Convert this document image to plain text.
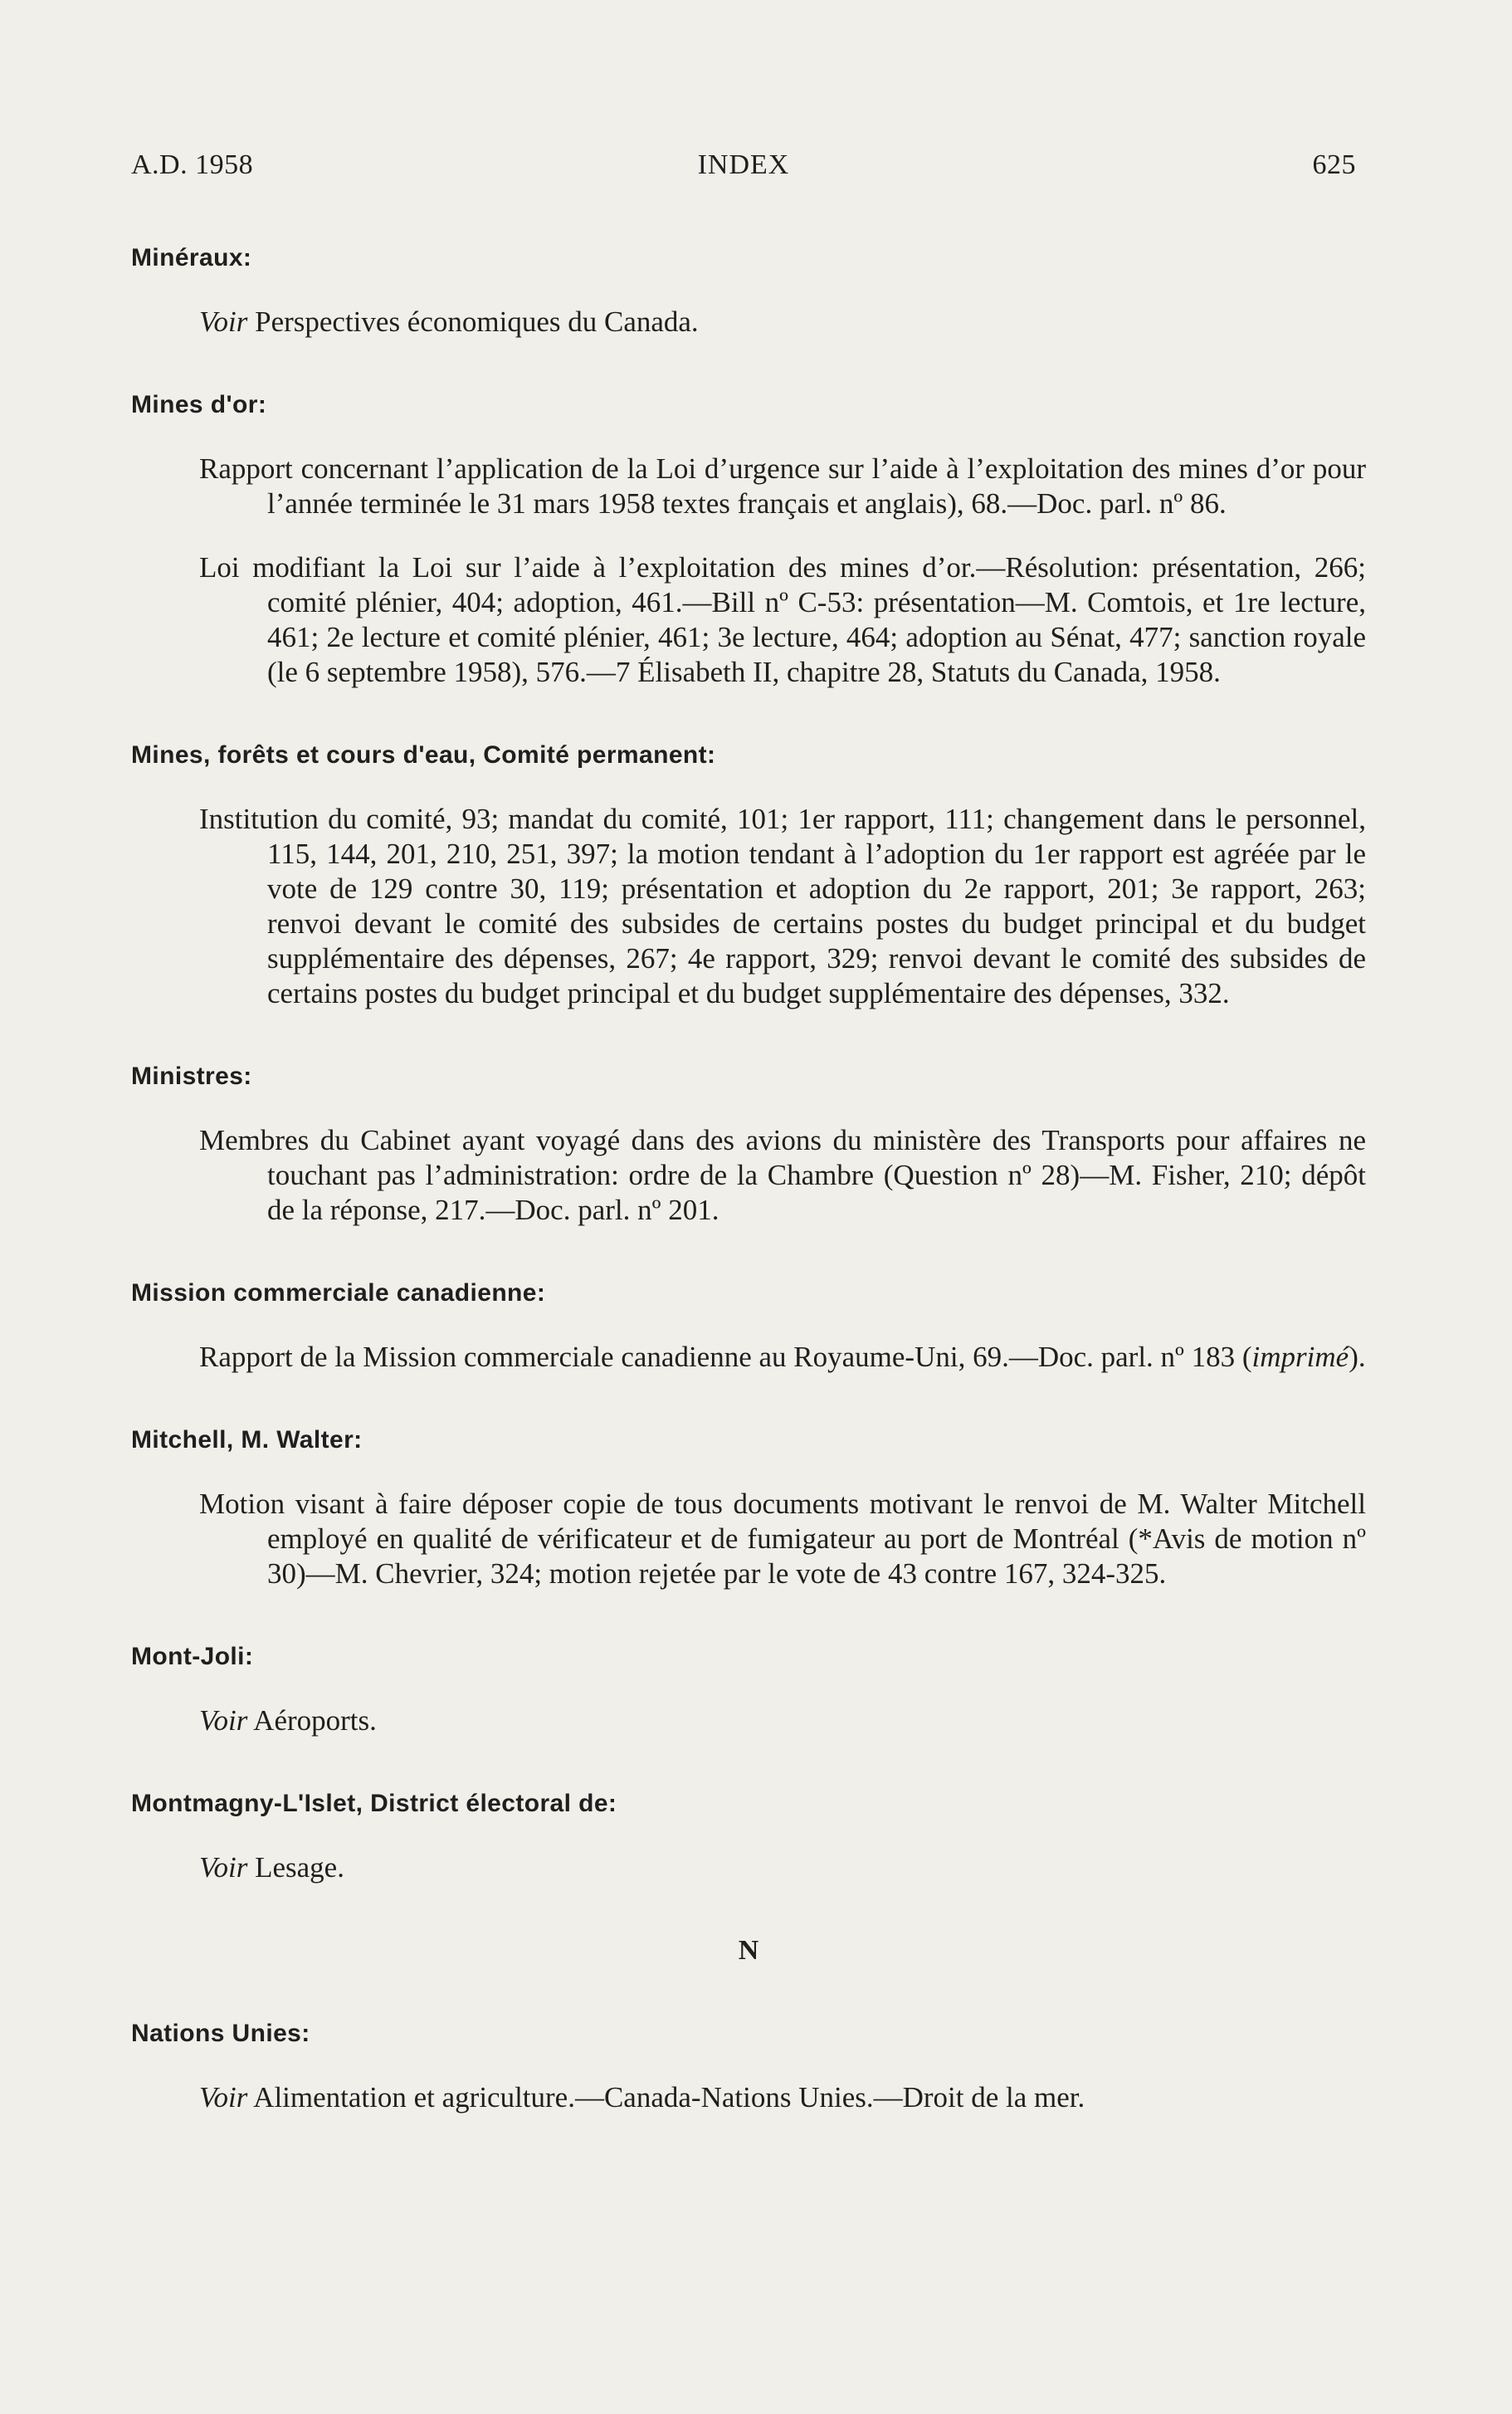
A.D. 1958	INDEX	625
Minéraux:

Voir Perspectives économiques du Canada.

Mines d'or:

Rapport concernant l’application de la Loi d’urgence sur l’aide à l’exploitation des mines d’or pour l’année terminée le 31 mars 1958 textes français et anglais), 68.—Doc. parl. nº 86.

Loi modifiant la Loi sur l’aide à l’exploitation des mines d’or.—Résolution: présentation, 266; comité plénier, 404; adoption, 461.—Bill nº C-53: présentation—M. Comtois, et 1re lecture, 461; 2e lecture et comité plénier, 461; 3e lecture, 464; adoption au Sénat, 477; sanction royale (le 6 septembre 1958), 576.—7 Élisabeth II, chapitre 28, Statuts du Canada, 1958.

Mines, forêts et cours d'eau, Comité permanent:

Institution du comité, 93; mandat du comité, 101; 1er rapport, 111; changement dans le personnel, 115, 144, 201, 210, 251, 397; la motion tendant à l’adoption du 1er rapport est agréée par le vote de 129 contre 30, 119; présentation et adoption du 2e rapport, 201; 3e rapport, 263; renvoi devant le comité des subsides de certains postes du budget principal et du budget supplémentaire des dépenses, 267; 4e rapport, 329; renvoi devant le comité des subsides de certains postes du budget principal et du budget supplémentaire des dépenses, 332.

Ministres:

Membres du Cabinet ayant voyagé dans des avions du ministère des Transports pour affaires ne touchant pas l’administration: ordre de la Chambre (Question nº 28)—M. Fisher, 210; dépôt de la réponse, 217.—Doc. parl. nº 201.

Mission commerciale canadienne:

Rapport de la Mission commerciale canadienne au Royaume-Uni, 69.—Doc. parl. nº 183 (imprimé).

Mitchell, M. Walter:

Motion visant à faire déposer copie de tous documents motivant le renvoi de M. Walter Mitchell employé en qualité de vérificateur et de fumigateur au port de Montréal (*Avis de motion nº 30)—M. Chevrier, 324; motion rejetée par le vote de 43 contre 167, 324-325.

Mont-Joli:

Voir Aéroports.

Montmagny-L'Islet, District électoral de:

Voir Lesage.

N
Nations Unies:

Voir Alimentation et agriculture.—Canada-Nations Unies.—Droit de la mer.
